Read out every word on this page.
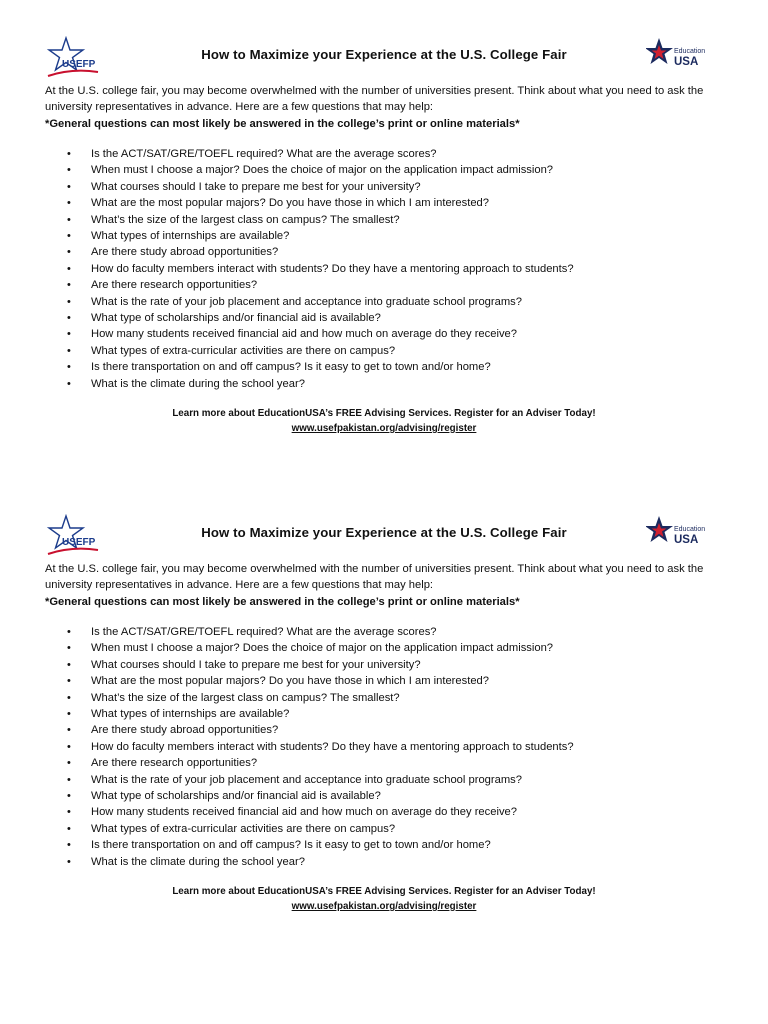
USEFP
How to Maximize your Experience at the U.S. College Fair	Education
USA
At the U.S. college fair, you may become overwhelmed with the number of universities present. Think about what you need to ask the university representatives in advance. Here are a few questions that may help:
*General questions can most likely be answered in the college’s print or online materials*
• Is the ACT/SAT/GRE/TOEFL required? What are the average scores?
• When must I choose a major? Does the choice of major on the application impact admission?
• What courses should I take to prepare me best for your university?
• What are the most popular majors? Do you have those in which I am interested?
• What’s the size of the largest class on campus? The smallest?
• What types of internships are available?
• Are there study abroad opportunities?
• How do faculty members interact with students? Do they have a mentoring approach to students?
• Are there research opportunities?
• What is the rate of your job placement and acceptance into graduate school programs?
• What type of scholarships and/or financial aid is available?
• How many students received financial aid and how much on average do they receive?
• What types of extra-curricular activities are there on campus?
• Is there transportation on and off campus? Is it easy to get to town and/or home?
• What is the climate during the school year?
Learn more about EducationUSA’s FREE Advising Services. Register for an Adviser Today!
www.usefpakistan.org/advising/register
USEFP
How to Maximize your Experience at the U.S. College Fair	Education
USA
At the U.S. college fair, you may become overwhelmed with the number of universities present. Think about what you need to ask the university representatives in advance. Here are a few questions that may help:
*General questions can most likely be answered in the college’s print or online materials*
• Is the ACT/SAT/GRE/TOEFL required? What are the average scores?
• When must I choose a major? Does the choice of major on the application impact admission?
• What courses should I take to prepare me best for your university?
• What are the most popular majors? Do you have those in which I am interested?
• What’s the size of the largest class on campus? The smallest?
• What types of internships are available?
• Are there study abroad opportunities?
• How do faculty members interact with students? Do they have a mentoring approach to students?
• Are there research opportunities?
• What is the rate of your job placement and acceptance into graduate school programs?
• What type of scholarships and/or financial aid is available?
• How many students received financial aid and how much on average do they receive?
• What types of extra-curricular activities are there on campus?
• Is there transportation on and off campus? Is it easy to get to town and/or home?
• What is the climate during the school year?
Learn more about EducationUSA’s FREE Advising Services. Register for an Adviser Today!
www.usefpakistan.org/advising/register
